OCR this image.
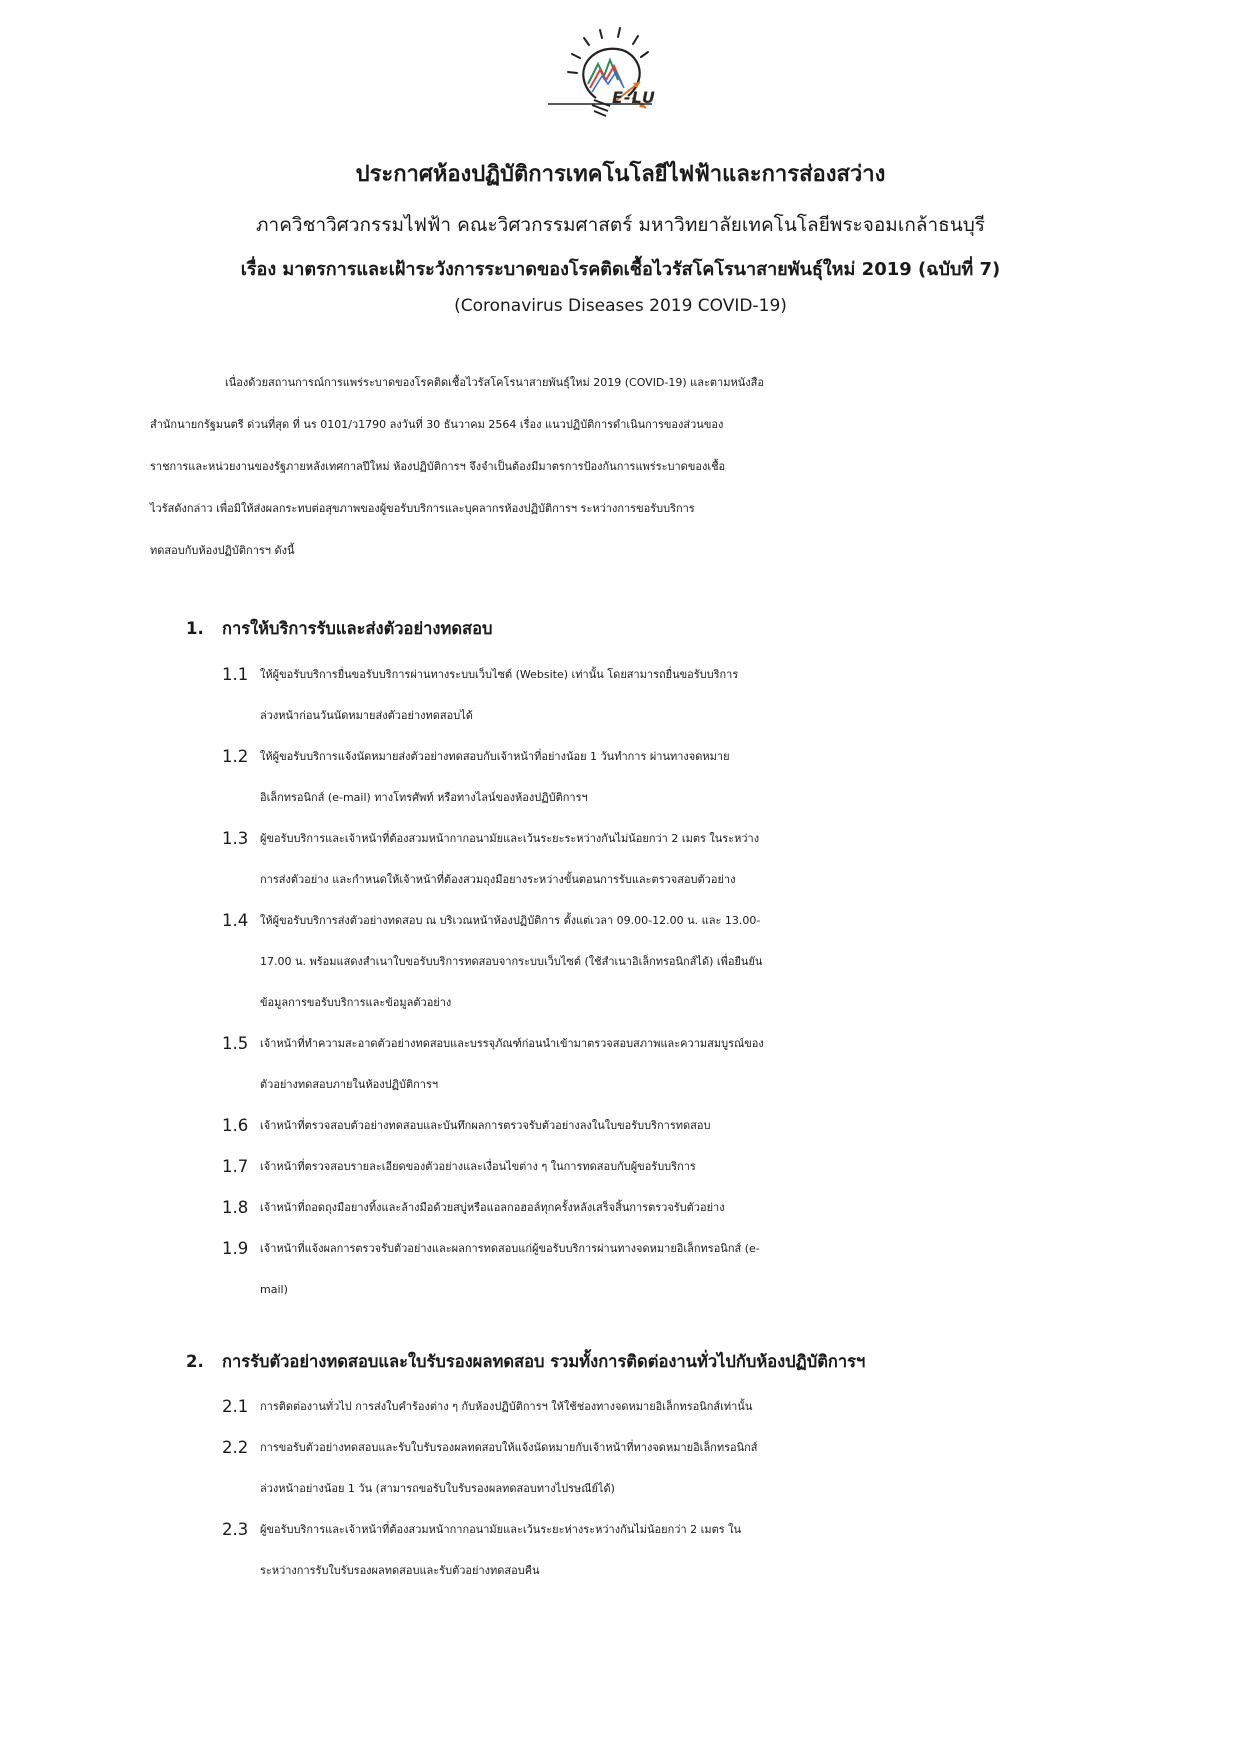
E-LU
ประกาศห้องปฏิบัติการเทคโนโลยีไฟฟ้าและการส่องสว่าง
ภาควิชาวิศวกรรมไฟฟ้า คณะวิศวกรรมศาสตร์ มหาวิทยาลัยเทคโนโลยีพระจอมเกล้าธนบุรี
เรื่อง มาตรการและเฝ้าระวังการระบาดของโรคติดเชื้อไวรัสโคโรนาสายพันธุ์ใหม่ 2019 (ฉบับที่ 7)
(Coronavirus Diseases 2019 COVID-19)
เนื่องด้วยสถานการณ์การแพร่ระบาดของโรคติดเชื้อไวรัสโคโรนาสายพันธุ์ใหม่ 2019 (COVID-19) และตามหนังสือ
สำนักนายกรัฐมนตรี ด่วนที่สุด ที่ นร 0101/ว1790 ลงวันที่ 30 ธันวาคม 2564 เรื่อง แนวปฏิบัติการดำเนินการของส่วนของ
ราชการและหน่วยงานของรัฐภายหลังเทศกาลปีใหม่ ห้องปฏิบัติการฯ จึงจำเป็นต้องมีมาตรการป้องกันการแพร่ระบาดของเชื้อ
ไวรัสดังกล่าว เพื่อมิให้ส่งผลกระทบต่อสุขภาพของผู้ขอรับบริการและบุคลากรห้องปฏิบัติการฯ ระหว่างการขอรับบริการ
ทดสอบกับห้องปฏิบัติการฯ ดังนี้
1. การให้บริการรับและส่งตัวอย่างทดสอบ
1.1	ให้ผู้ขอรับบริการยื่นขอรับบริการผ่านทางระบบเว็บไซต์ (Website) เท่านั้น โดยสามารถยื่นขอรับบริการ
ล่วงหน้าก่อนวันนัดหมายส่งตัวอย่างทดสอบได้
1.2	ให้ผู้ขอรับบริการแจ้งนัดหมายส่งตัวอย่างทดสอบกับเจ้าหน้าที่อย่างน้อย 1 วันทำการ ผ่านทางจดหมาย
อิเล็กทรอนิกส์ (e-mail) ทางโทรศัพท์ หรือทางไลน์ของห้องปฏิบัติการฯ
1.3	ผู้ขอรับบริการและเจ้าหน้าที่ต้องสวมหน้ากากอนามัยและเว้นระยะระหว่างกันไม่น้อยกว่า 2 เมตร ในระหว่าง
การส่งตัวอย่าง และกำหนดให้เจ้าหน้าที่ต้องสวมถุงมือยางระหว่างขั้นตอนการรับและตรวจสอบตัวอย่าง
1.4	ให้ผู้ขอรับบริการส่งตัวอย่างทดสอบ ณ บริเวณหน้าห้องปฏิบัติการ ตั้งแต่เวลา 09.00-12.00 น. และ 13.00-
17.00 น. พร้อมแสดงสำเนาใบขอรับบริการทดสอบจากระบบเว็บไซต์ (ใช้สำเนาอิเล็กทรอนิกส์ได้) เพื่อยืนยัน
ข้อมูลการขอรับบริการและข้อมูลตัวอย่าง
1.5	เจ้าหน้าที่ทำความสะอาดตัวอย่างทดสอบและบรรจุภัณฑ์ก่อนนำเข้ามาตรวจสอบสภาพและความสมบูรณ์ของ
ตัวอย่างทดสอบภายในห้องปฏิบัติการฯ
1.6	เจ้าหน้าที่ตรวจสอบตัวอย่างทดสอบและบันทึกผลการตรวจรับตัวอย่างลงในใบขอรับบริการทดสอบ
1.7	เจ้าหน้าที่ตรวจสอบรายละเอียดของตัวอย่างและเงื่อนไขต่าง ๆ ในการทดสอบกับผู้ขอรับบริการ
1.8	เจ้าหน้าที่ถอดถุงมือยางทิ้งและล้างมือด้วยสบู่หรือแอลกอฮอล์ทุกครั้งหลังเสร็จสิ้นการตรวจรับตัวอย่าง
1.9	เจ้าหน้าที่แจ้งผลการตรวจรับตัวอย่างและผลการทดสอบแก่ผู้ขอรับบริการผ่านทางจดหมายอิเล็กทรอนิกส์ (e-
mail)
2. การรับตัวอย่างทดสอบและใบรับรองผลทดสอบ รวมทั้งการติดต่องานทั่วไปกับห้องปฏิบัติการฯ
2.1	การติดต่องานทั่วไป การส่งใบคำร้องต่าง ๆ กับห้องปฏิบัติการฯ ให้ใช้ช่องทางจดหมายอิเล็กทรอนิกส์เท่านั้น
2.2	การขอรับตัวอย่างทดสอบและรับใบรับรองผลทดสอบให้แจ้งนัดหมายกับเจ้าหน้าที่ทางจดหมายอิเล็กทรอนิกส์
ล่วงหน้าอย่างน้อย 1 วัน (สามารถขอรับใบรับรองผลทดสอบทางไปรษณีย์ได้)
2.3	ผู้ขอรับบริการและเจ้าหน้าที่ต้องสวมหน้ากากอนามัยและเว้นระยะห่างระหว่างกันไม่น้อยกว่า 2 เมตร ใน
ระหว่างการรับใบรับรองผลทดสอบและรับตัวอย่างทดสอบคืน
